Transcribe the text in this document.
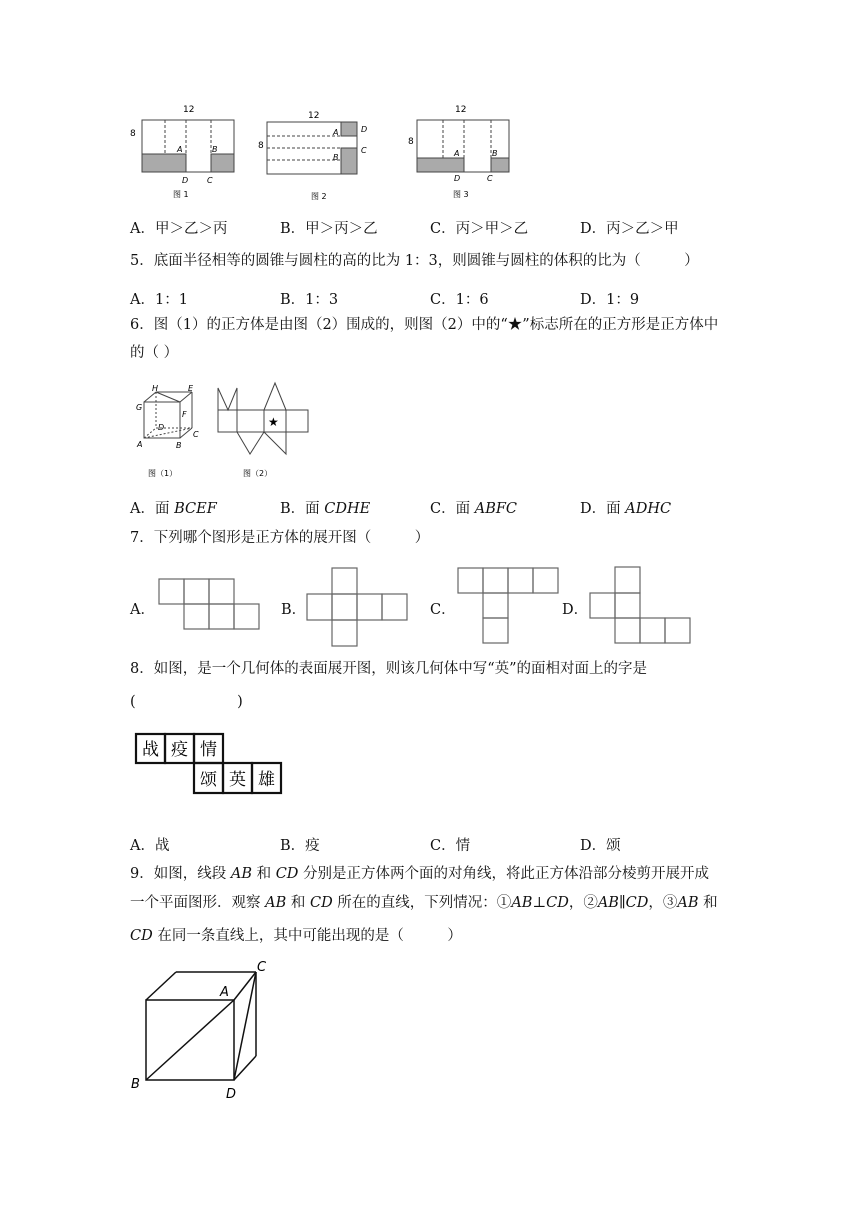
12
8
A	B
D C
图 1
12
8
A
B
D
C
图 2
12
8
A	B
D	C
图 3
A．甲＞乙＞丙	B．甲＞丙＞乙	C．丙＞甲＞乙	D．丙＞乙＞甲
5．底面半径相等的圆锥与圆柱的高的比为 1：3，则圆锥与圆柱的体积的比为（　　　）
A．1：1	B．1：3	C．1：6	D．1：9
6．图（1）的正方体是由图（2）围成的，则图（2）中的“★”标志所在的正方形是正方体中
的（ ）
H	E
G
F
D
C
A	B
图（1）
★
图（2）
A．面 BCEF	B．面 CDHE	C．面 ABFC	D．面 ADHC
7．下列哪个图形是正方体的展开图（　　　）
A．	B．	C．	D．
8．如图，是一个几何体的表面展开图，则该几何体中写“英”的面相对面上的字是
(　　　　　　　)
战 疫 情
颂 英 雄
A．战	B．疫	C．情	D．颂
9．如图，线段 AB 和 CD 分别是正方体两个面的对角线，将此正方体沿部分棱剪开展开成
一个平面图形．观察 AB 和 CD 所在的直线，下列情况：①AB⊥CD，②AB∥CD，③AB 和
CD 在同一条直线上，其中可能出现的是（　　　）
C
A
B
D
